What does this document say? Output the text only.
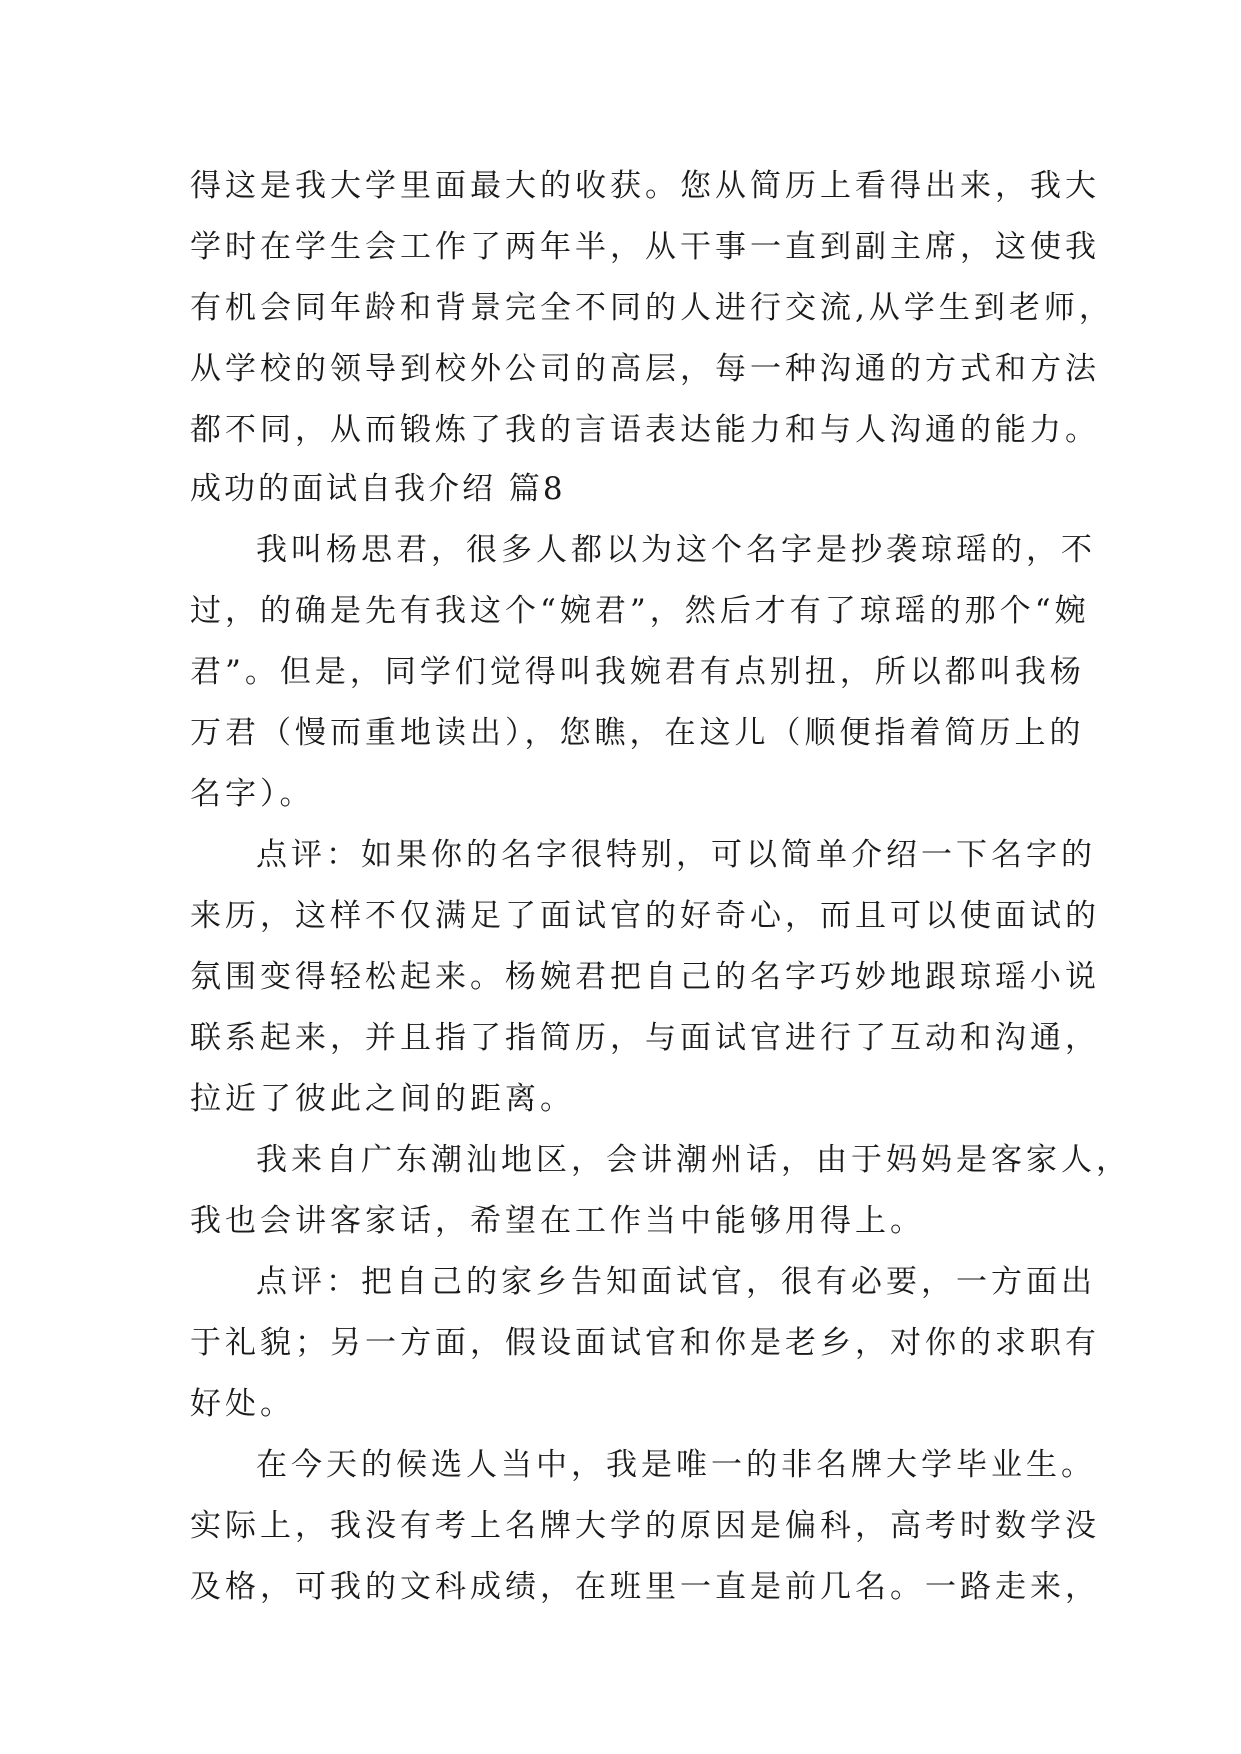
得这是我大学里面最大的收获。您从简历上看得出来，我大
学时在学生会工作了两年半，从干事一直到副主席，这使我
有机会同年龄和背景完全不同的人进行交流,从学生到老师，
从学校的领导到校外公司的高层，每一种沟通的方式和方法
都不同，从而锻炼了我的言语表达能力和与人沟通的能力。
成功的面试自我介绍 篇8
我叫杨思君，很多人都以为这个名字是抄袭琼瑶的，不
过，的确是先有我这个“婉君”，然后才有了琼瑶的那个“婉
君”。但是，同学们觉得叫我婉君有点别扭，所以都叫我杨
万君（慢而重地读出），您瞧，在这儿（顺便指着简历上的
名字）。
点评：如果你的名字很特别，可以简单介绍一下名字的
来历，这样不仅满足了面试官的好奇心，而且可以使面试的
氛围变得轻松起来。杨婉君把自己的名字巧妙地跟琼瑶小说
联系起来，并且指了指简历，与面试官进行了互动和沟通，
拉近了彼此之间的距离。
我来自广东潮汕地区，会讲潮州话，由于妈妈是客家人，
我也会讲客家话，希望在工作当中能够用得上。
点评：把自己的家乡告知面试官，很有必要，一方面出
于礼貌；另一方面，假设面试官和你是老乡，对你的求职有
好处。
在今天的候选人当中，我是唯一的非名牌大学毕业生。
实际上，我没有考上名牌大学的原因是偏科，高考时数学没
及格，可我的文科成绩，在班里一直是前几名。一路走来，
